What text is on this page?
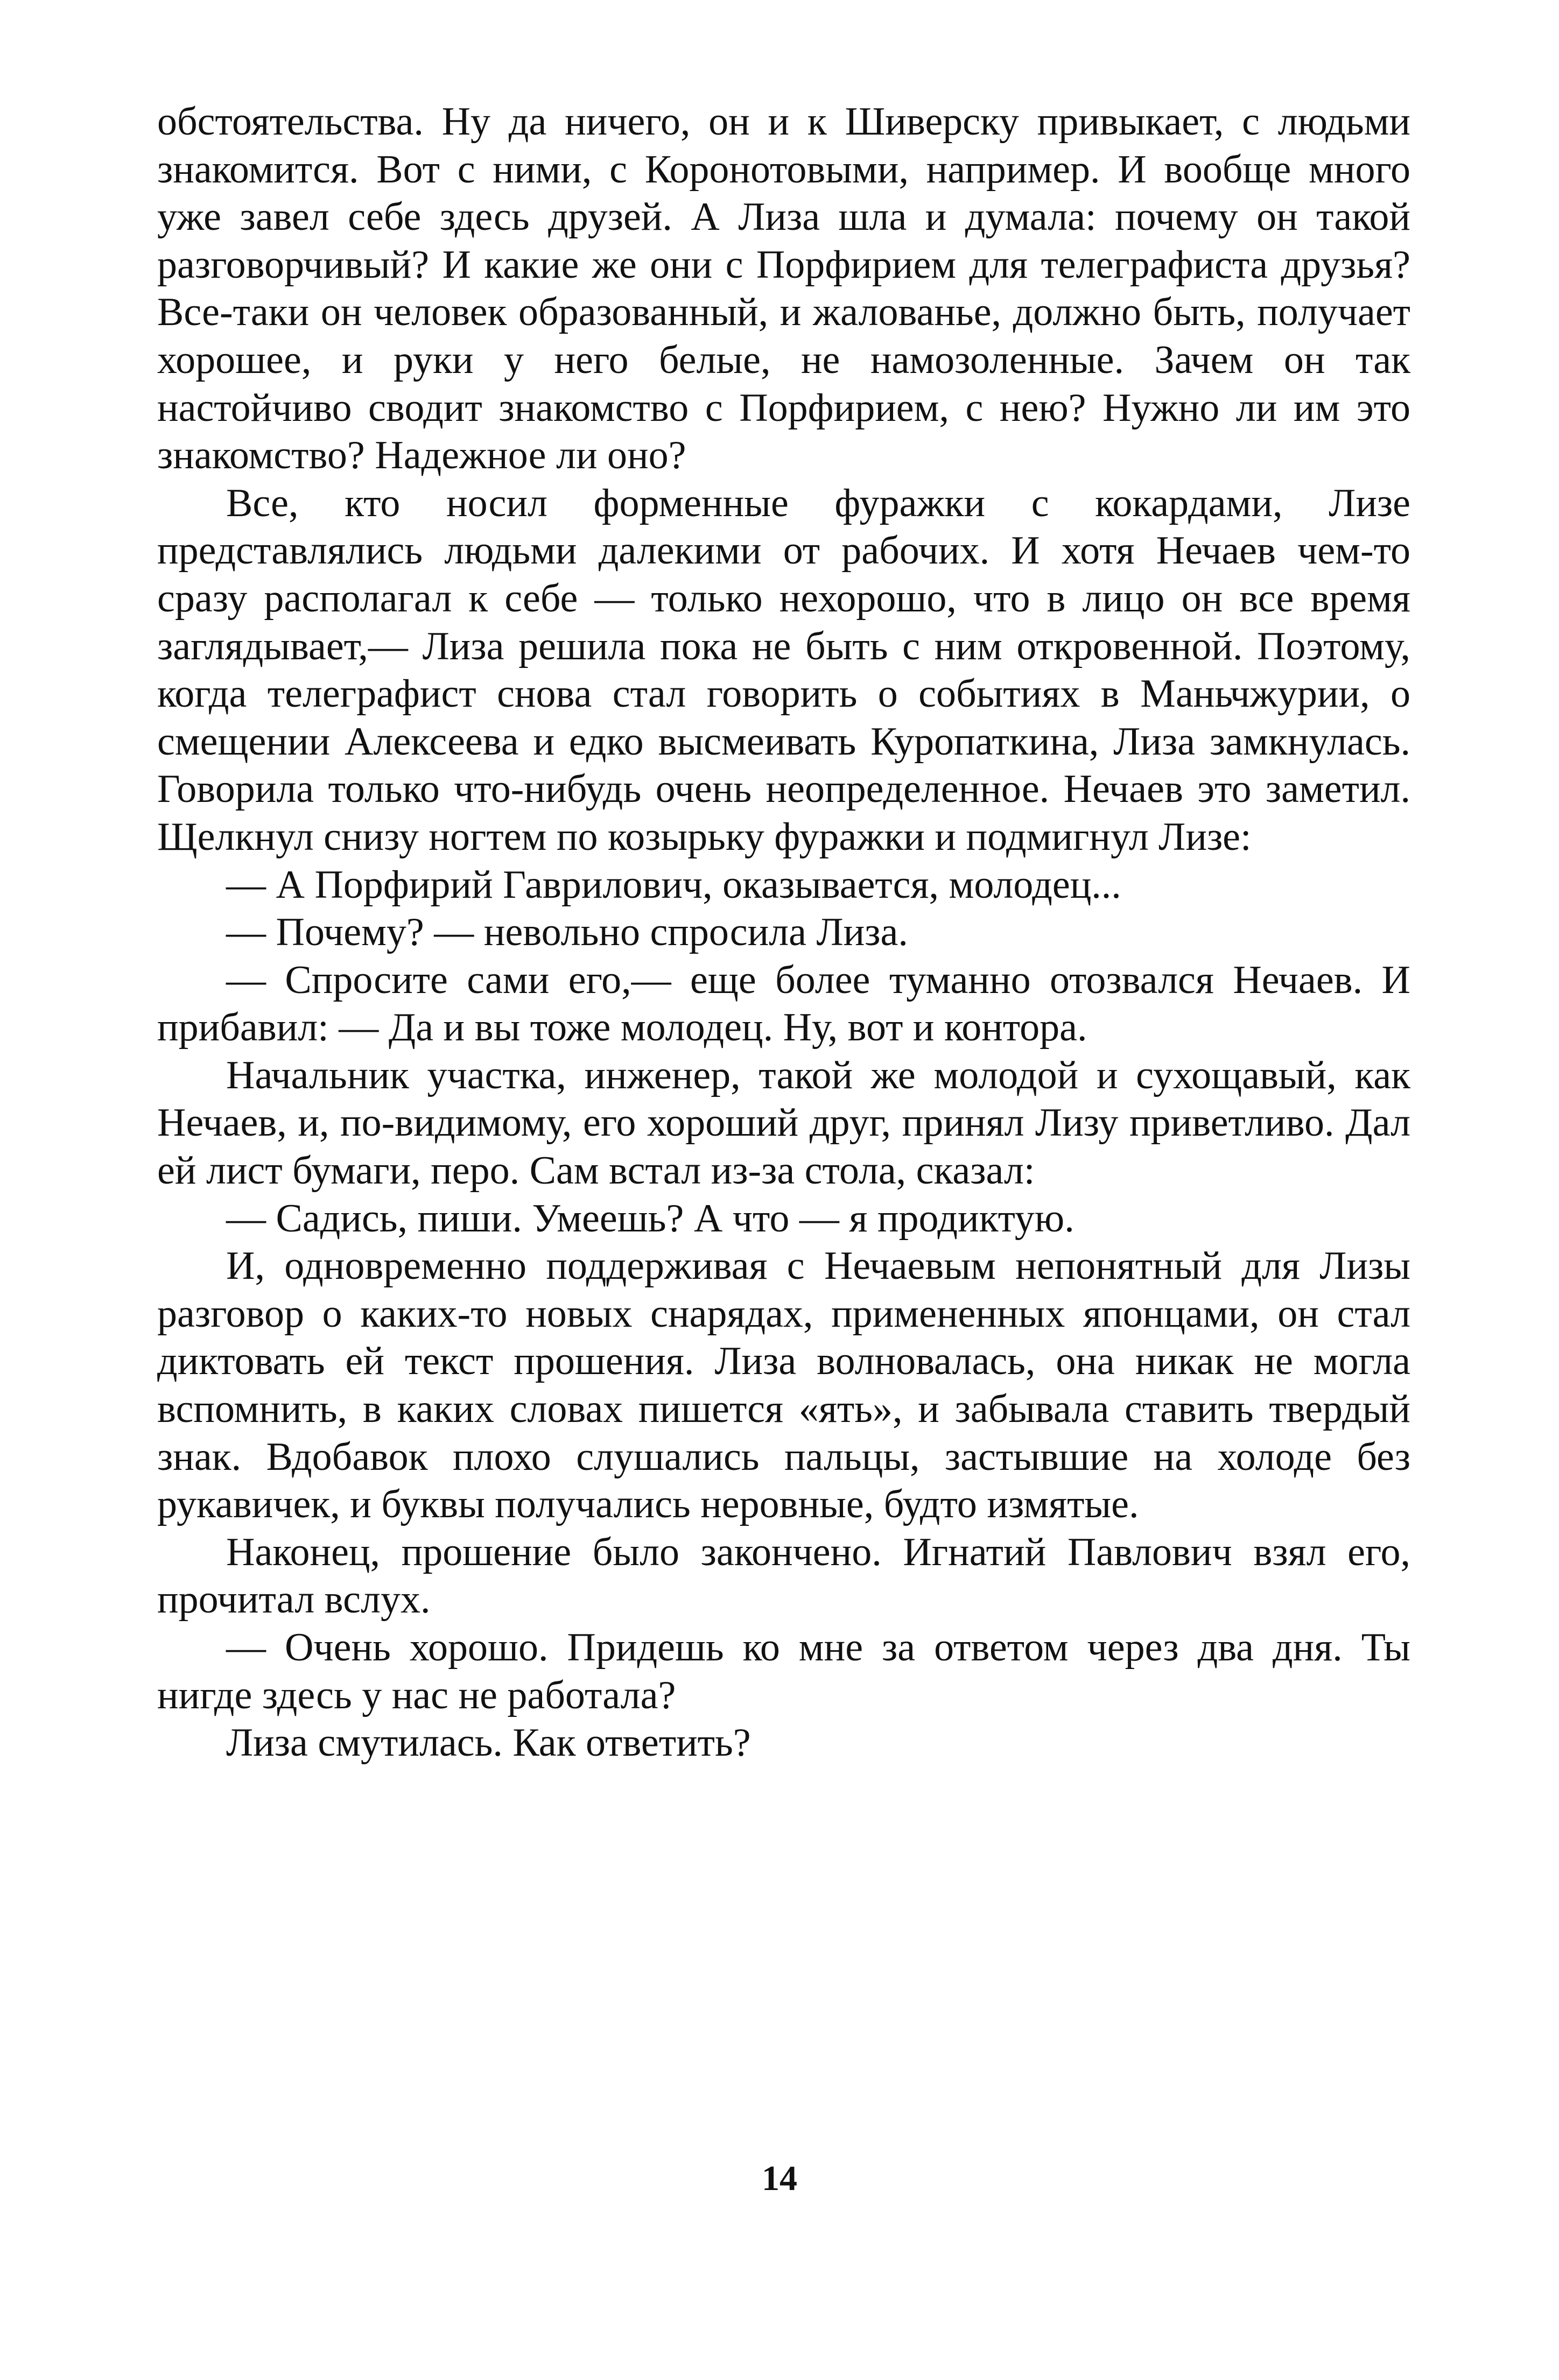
обстоятельства. Ну да ничего, он и к Шиверску привыкает, с людьми знакомится. Вот с ними, с Коронотовыми, например. И вообще много уже завел себе здесь друзей. А Лиза шла и думала: почему он такой разговорчивый? И какие же они с Порфирием для телеграфиста друзья? Все-таки он человек образованный, и жалованье, должно быть, получает хорошее, и руки у него белые, не намозоленные. Зачем он так настойчиво сводит знакомство с Порфирием, с нею? Нужно ли им это знакомство? Надежное ли оно?

Все, кто носил форменные фуражки с кокардами, Лизе представлялись людьми далекими от рабочих. И хотя Нечаев чем-то сразу располагал к себе — только нехорошо, что в лицо он все время заглядывает,— Лиза решила пока не быть с ним откровенной. Поэтому, когда телеграфист снова стал говорить о событиях в Маньчжурии, о смещении Алексеева и едко высмеивать Куропаткина, Лиза замкнулась. Говорила только что-нибудь очень неопределенное. Нечаев это заметил. Щелкнул снизу ногтем по козырьку фуражки и подмигнул Лизе:

— А Порфирий Гаврилович, оказывается, молодец...

— Почему? — невольно спросила Лиза.

— Спросите сами его,— еще более туманно отозвался Нечаев. И прибавил: — Да и вы тоже молодец. Ну, вот и контора.

Начальник участка, инженер, такой же молодой и сухощавый, как Нечаев, и, по-видимому, его хороший друг, принял Лизу приветливо. Дал ей лист бумаги, перо. Сам встал из-за стола, сказал:

— Садись, пиши. Умеешь? А что — я продиктую.

И, одновременно поддерживая с Нечаевым непонятный для Лизы разговор о каких-то новых снарядах, примененных японцами, он стал диктовать ей текст прошения. Лиза волновалась, она никак не могла вспомнить, в каких словах пишется «ять», и забывала ставить твердый знак. Вдобавок плохо слушались пальцы, застывшие на холоде без рукавичек, и буквы получались неровные, будто измятые.

Наконец, прошение было закончено. Игнатий Павлович взял его, прочитал вслух.

— Очень хорошо. Придешь ко мне за ответом через два дня. Ты нигде здесь у нас не работала?

Лиза смутилась. Как ответить?

14
